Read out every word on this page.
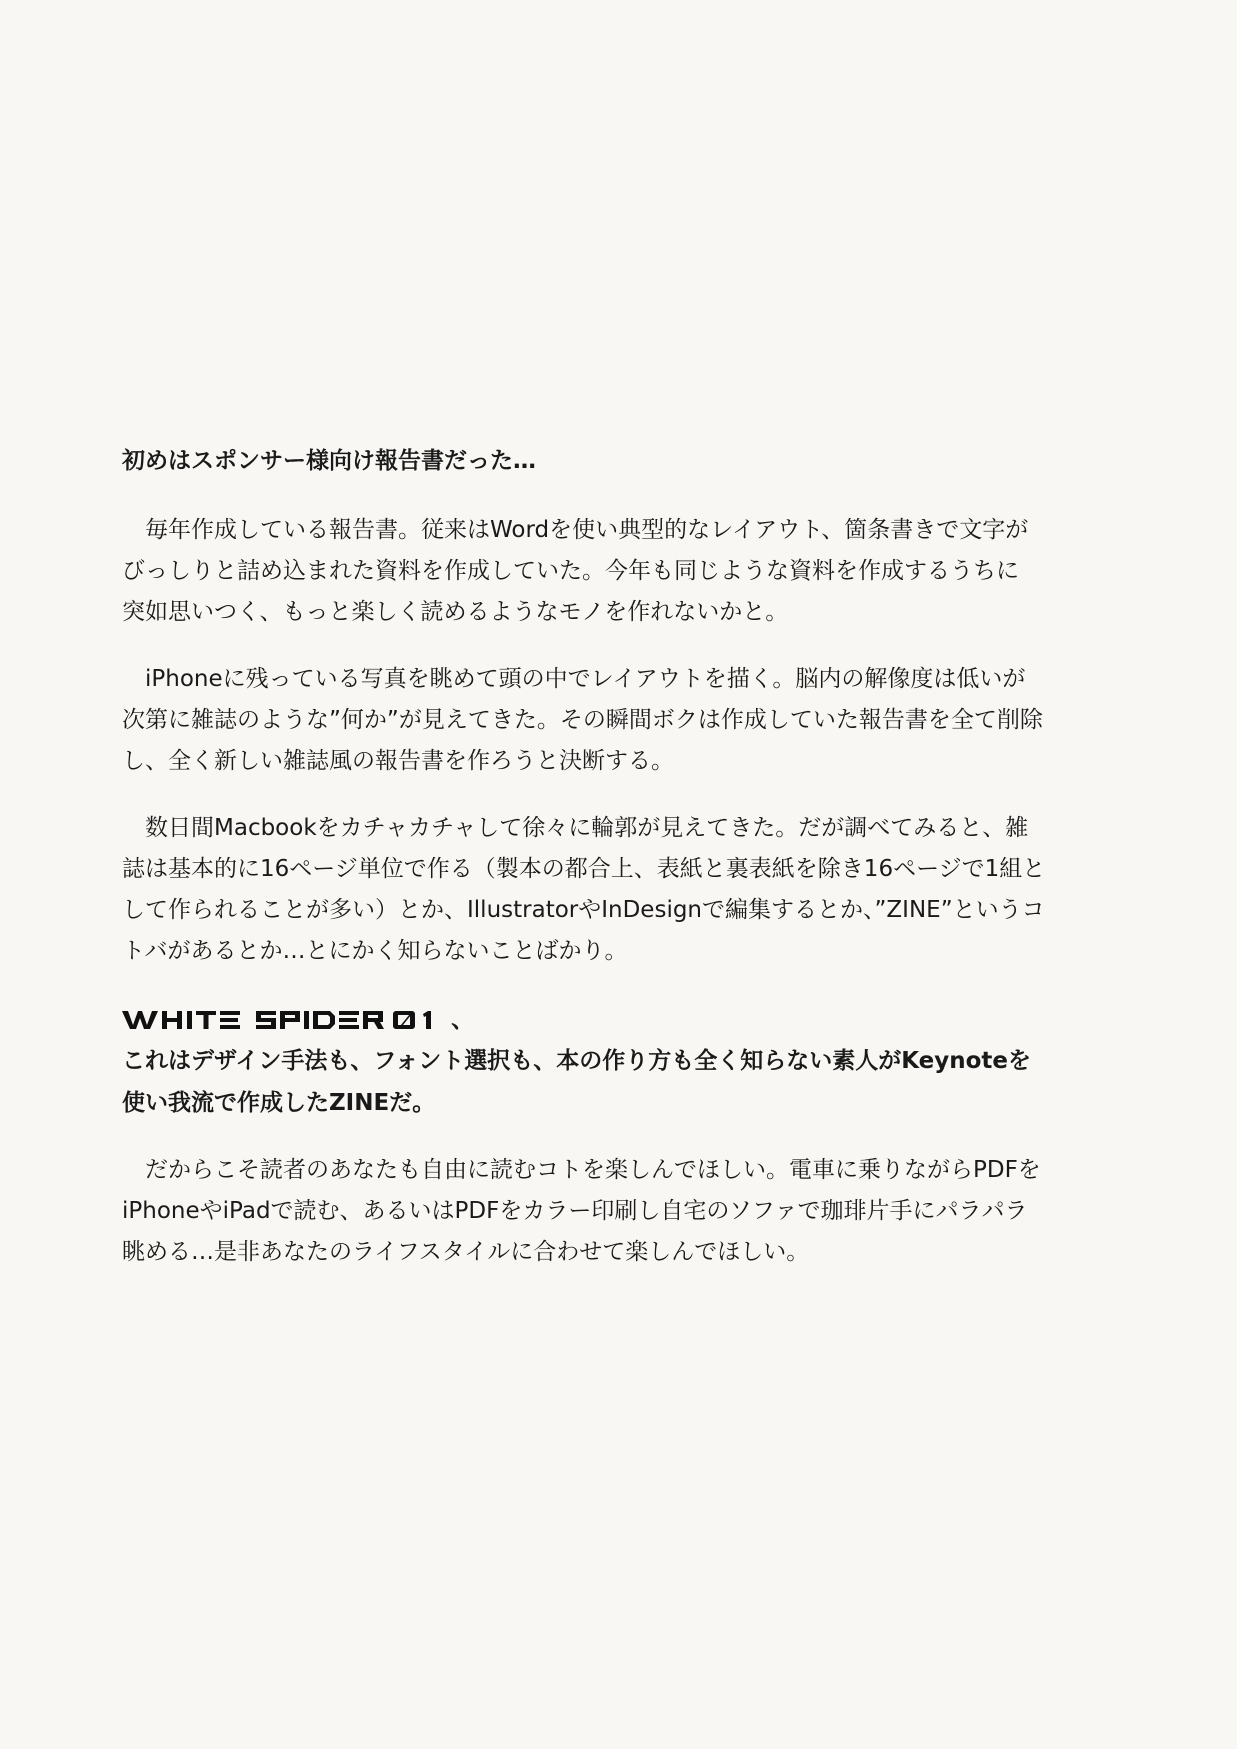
初めはスポンサー様向け報告書だった…
　毎年作成している報告書。従来はWordを使い典型的なレイアウト、箇条書きで文字が
びっしりと詰め込まれた資料を作成していた。今年も同じような資料を作成するうちに
突如思いつく、もっと楽しく読めるようなモノを作れないかと。
　iPhoneに残っている写真を眺めて頭の中でレイアウトを描く。脳内の解像度は低いが
次第に雑誌のような”何か”が見えてきた。その瞬間ボクは作成していた報告書を全て削除
し、全く新しい雑誌風の報告書を作ろうと決断する。
　数日間Macbookをカチャカチャして徐々に輪郭が見えてきた。だが調べてみると、雑
誌は基本的に16ページ単位で作る（製本の都合上、表紙と裏表紙を除き16ページで1組と
して作られることが多い）とか、IllustratorやInDesignで編集するとか、”ZINE”というコ
トバがあるとか…とにかく知らないことばかり。
、
これはデザイン手法も、フォント選択も、本の作り方も全く知らない素人がKeynoteを
使い我流で作成したZINEだ。
　だからこそ読者のあなたも自由に読むコトを楽しんでほしい。電車に乗りながらPDFを
iPhoneやiPadで読む、あるいはPDFをカラー印刷し自宅のソファで珈琲片手にパラパラ
眺める…是非あなたのライフスタイルに合わせて楽しんでほしい。
